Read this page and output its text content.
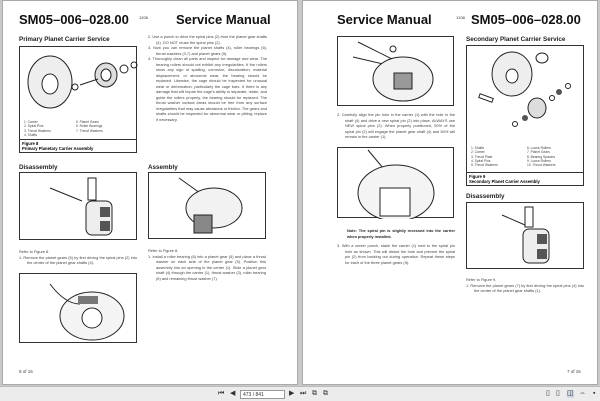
SM05–006–028.00	1208 Service Manual
Primary Planet Carrier Service
1. Carrier	5. Planet Gears
2. Spiral Pins	6. Roller Bearings
3. Thrust Washers	7. Thrust Washers
4. Shafts
Figure 8
Primary Planetary Carrier Assembly
2. Use a punch to drive the spiral pins (2) from the planet gear shafts (4). DO NOT reuse the spiral pins (2).
3. Now you can remove the planet shafts (4), roller bearings (6), thrust washers (3,7) and planet gears (5).
4. Thoroughly clean all parts and inspect for damage and wear. The bearing rollers should not exhibit any irregularities. If the rollers show any sign of spalling, corrosion, discoloration, material displacement, or abnormal wear, the bearing should be replaced. Likewise, the cage should be inspected for unusual wear or deformation, particularly the cage bars. If there is any damage that will impair the cage's ability to separate, retain, and guide the rollers properly, the bearing should be replaced. The thrust washer contact areas should be free from any surface irregularities that may cause abrasions or friction. The gears and shafts should be inspected for abnormal wear or pitting; replace if necessary.
Disassembly	Assembly
Refer to Figure 8.
1. Remove the planet gears (5) by first driving the spiral pins (2) into the center of the planet gear shafts (4).
Refer to Figure 8.
1. Install a roller bearing (6) into a planet gear (5) and place a thrust washer on each side of the planet gear (5). Position this assembly into an opening in the center (1). Slide a planet gear shaft (4) through the carrier (1), thrust washer (3), roller bearing (6) and remaining thrust washer (7).
8 of 16
Service Manual	1208 SM05–006–028.00
2. Carefully align the pin hole in the carrier (1) with the hole in the shaft (4) and drive a new spiral pin (2) into place. ALWAYS use NEW spiral pins (2). When properly positioned, 50% of the spiral pin (2) will engage the planet gear shaft (4) and 50% will remain in the carrier (1).
Note: The spiral pin is slightly recessed into the carrier when properly installed.
3. With a center punch, stake the carrier (1) next to the spiral pin hole as shown. This will distort the hole and prevent the spiral pin (2) from backing out during operation. Repeat these steps for each of the three planet gears (5).
Secondary Planet Carrier Service
1. Shafts	6. Loose Rollers
2. Carrier	7. Planet Gears
3. Thrust Plate	8. Bearing Spacers
4. Spiral Pins	9. Loose Rollers
5. Thrust Washers	10. Thrust Washers
Figure 9
Secondary Planet Carrier Assembly
Disassembly
Refer to Figure 9.
1. Remove the planet gears (7) by first driving the spiral pins (4) into the center of the planet gear shafts (1).
7 of 16
⏮ ◀	473 / 841	▶ ⏭ ⧉ ⧉	▯ ▯ ◫ ⇔ ▪
